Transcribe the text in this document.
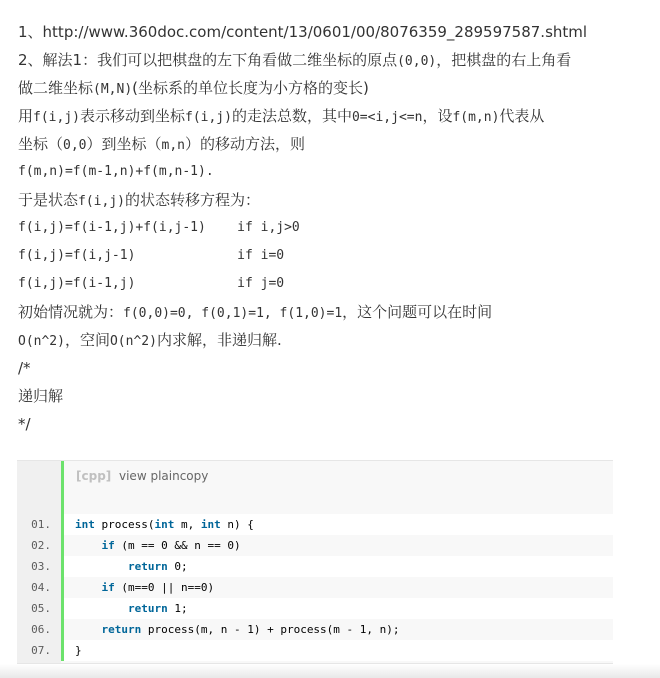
1、http://www.360doc.com/content/13/0601/00/8076359_289597587.shtml
2、解法1：我们可以把棋盘的左下角看做二维坐标的原点(0,0)，把棋盘的右上角看
做二维坐标(M,N)(坐标系的单位长度为小方格的变长)
用f(i,j)表示移动到坐标f(i,j)的走法总数，其中0=<i,j<=n，设f(m,n)代表从
坐标（0,0）到坐标（m,n）的移动方法，则
f(m,n)=f(m-1,n)+f(m,n-1).
于是状态f(i,j)的状态转移方程为：
f(i,j)=f(i-1,j)+f(i,j-1)    if i,j>0
f(i,j)=f(i,j-1)             if i=0
f(i,j)=f(i-1,j)             if j=0
初始情况就为：f(0,0)=0, f(0,1)=1, f(1,0)=1，这个问题可以在时间
O(n^2)，空间O(n^2)内求解，非递归解.
/*
递归解
*/
[cpp] view plaincopy
01.	int process(int m, int n) {
02.	if (m == 0 && n == 0)
03.	return 0;
04.	if (m==0 || n==0)
05.	return 1;
06.	return process(m, n - 1) + process(m - 1, n);
07.	}
